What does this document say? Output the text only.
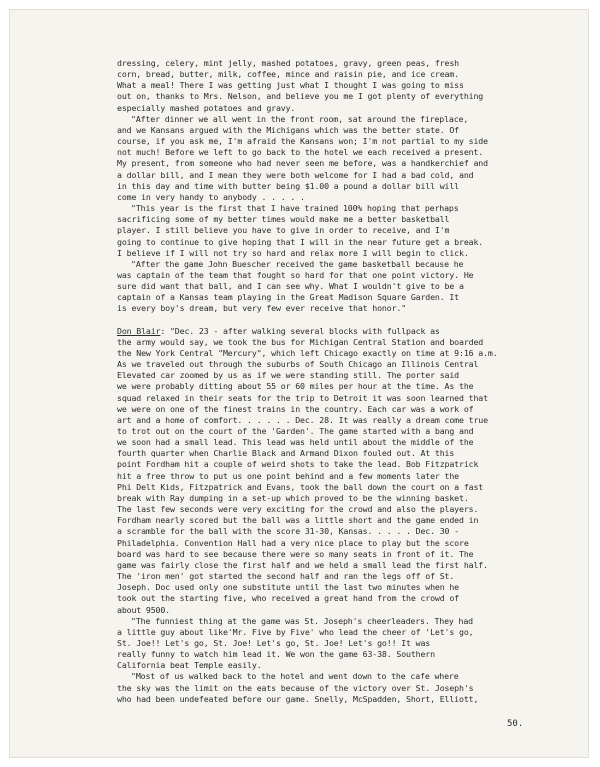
dressing, celery, mint jelly, mashed potatoes, gravy, green peas, fresh

corn, bread, butter, milk, coffee, mince and raisin pie, and ice cream.

What a meal! There I was getting just what I thought I was going to miss

out on, thanks to Mrs. Nelson, and believe you me I got plenty of everything

especially mashed potatoes and gravy.

"After dinner we all went in the front room, sat around the fireplace,

and we Kansans argued with the Michigans which was the better state. Of

course, if you ask me, I'm afraid the Kansans won; I'm not partial to my side

not much! Before we left to go back to the hotel we each received a present.

My present, from someone who had never seen me before, was a handkerchief and

a dollar bill, and I mean they were both welcome for I had a bad cold, and

in this day and time with butter being $1.00 a pound a dollar bill will

come in very handy to anybody . . . . .

"This year is the first that I have trained 100% hoping that perhaps

sacrificing some of my better times would make me a better basketball

player. I still believe you have to give in order to receive, and I'm

going to continue to give hoping that I will in the near future get a break.

I believe if I will not try so hard and relax more I will begin to click.

"After the game John Buescher received the game basketball because he

was captain of the team that fought so hard for that one point victory. He

sure did want that ball, and I can see why. What I wouldn't give to be a

captain of a Kansas team playing in the Great Madison Square Garden. It

is every boy's dream, but very few ever receive that honor."

Don Blair: "Dec. 23 - after walking several blocks with fullpack as

the army would say, we took the bus for Michigan Central Station and boarded

the New York Central "Mercury", which left Chicago exactly on time at 9:16 a.m.

As we traveled out through the suburbs of South Chicago an Illinois Central

Elevated car zoomed by us as if we were standing still. The porter said

we were probably ditting about 55 or 60 miles per hour at the time. As the

squad relaxed in their seats for the trip to Detroit it was soon learned that

we were on one of the finest trains in the country. Each car was a work of

art and a home of comfort. . . . . . Dec. 28. It was really a dream come true

to trot out on the court of the 'Garden'. The game started with a bang and

we soon had a small lead. This lead was held until about the middle of the

fourth quarter when Charlie Black and Armand Dixon fouled out. At this

point Fordham hit a couple of weird shots to take the lead. Bob Fitzpatrick

hit a free throw to put us one point behind and a few moments later the

Phi Delt Kids, Fitzpatrick and Evans, took the ball down the court on a fast

break with Ray dumping in a set-up which proved to be the winning basket.

The last few seconds were very exciting for the crowd and also the players.

Fordham nearly scored but the ball was a little short and the game ended in

a scramble for the ball with the score 31-30, Kansas. . . . . Dec. 30 -

Philadelphia. Convention Hall had a very nice place to play but the score

board was hard to see because there were so many seats in front of it. The

game was fairly close the first half and we held a small lead the first half.

The 'iron men' got started the second half and ran the legs off of St.

Joseph. Doc used only one substitute until the last two minutes when he

took out the starting five, who received a great hand from the crowd of

about 9500.

"The funniest thing at the game was St. Joseph's cheerleaders. They had

a little guy about like'Mr. Five by Five' who lead the cheer of 'Let's go,

St. Joe!! Let's go, St. Joe! Let's go, St. Joe! Let's go!! It was

really funny to watch him lead it. We won the game 63-38. Southern

California beat Temple easily.

"Most of us walked back to the hotel and went down to the cafe where

the sky was the limit on the eats because of the victory over St. Joseph's

who had been undefeated before our game. Snelly, McSpadden, Short, Elliott,

50.
